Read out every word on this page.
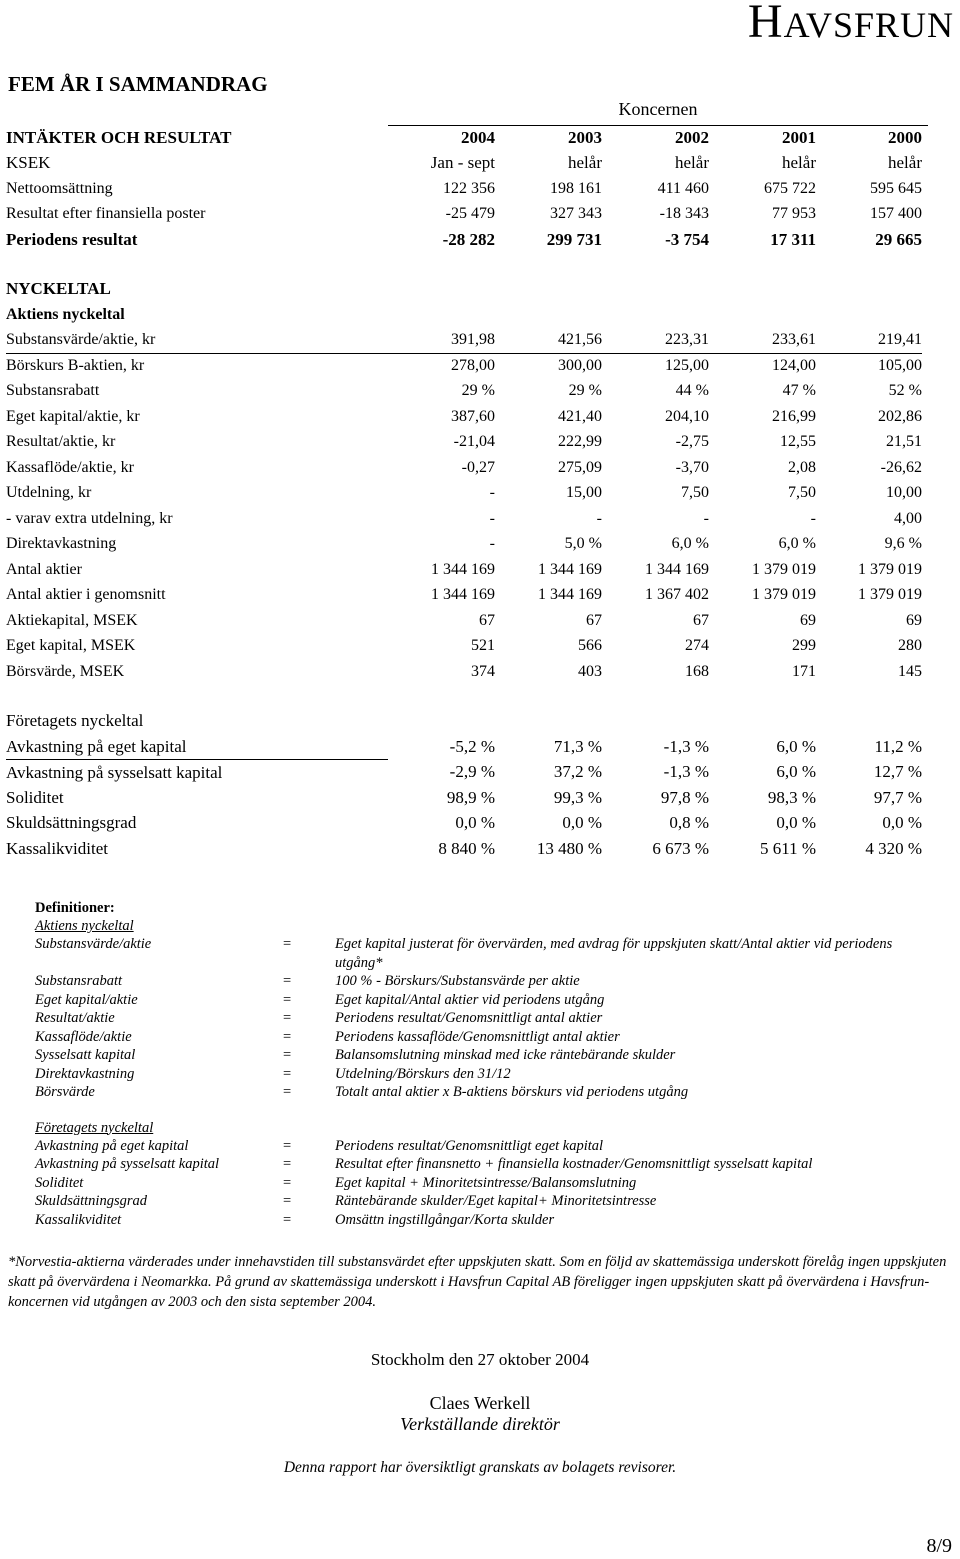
HAVSFRUN
FEM ÅR I SAMMANDRAG
Koncernen
INTÄKTER OCH RESULTAT	2004	2003	2002	2001	2000
KSEK	Jan - sept	helår	helår	helår	helår
Nettoomsättning	122 356	198 161	411 460	675 722	595 645
Resultat efter finansiella poster	-25 479	327 343	-18 343	77 953	157 400
Periodens resultat	-28 282	299 731	-3 754	17 311	29 665

NYCKELTAL					
Aktiens nyckeltal					
Substansvärde/aktie, kr	391,98	421,56	223,31	233,61	219,41
Börskurs B-aktien, kr	278,00	300,00	125,00	124,00	105,00
Substansrabatt	29 %	29 %	44 %	47 %	52 %
Eget kapital/aktie, kr	387,60	421,40	204,10	216,99	202,86
Resultat/aktie, kr	-21,04	222,99	-2,75	12,55	21,51
Kassaflöde/aktie, kr	-0,27	275,09	-3,70	2,08	-26,62
Utdelning, kr	-	15,00	7,50	7,50	10,00
- varav extra utdelning, kr	-	-	-	-	4,00
Direktavkastning	-	5,0 %	6,0 %	6,0 %	9,6 %
Antal aktier	1 344 169	1 344 169	1 344 169	1 379 019	1 379 019
Antal aktier i genomsnitt	1 344 169	1 344 169	1 367 402	1 379 019	1 379 019
Aktiekapital, MSEK	67	67	67	69	69
Eget kapital, MSEK	521	566	274	299	280
Börsvärde, MSEK	374	403	168	171	145

Företagets nyckeltal					
Avkastning på eget kapital	-5,2 %	71,3 %	-1,3 %	6,0 %	11,2 %
Avkastning på sysselsatt kapital	-2,9 %	37,2 %	-1,3 %	6,0 %	12,7 %
Soliditet	98,9 %	99,3 %	97,8 %	98,3 %	97,7 %
Skuldsättningsgrad	0,0 %	0,0 %	0,8 %	0,0 %	0,0 %
Kassalikviditet	8 840 %	13 480 %	6 673 %	5 611 %	4 320 %
Definitioner:
Aktiens nyckeltal
Substansvärde/aktie	=	Eget kapital justerat för övervärden, med avdrag för uppskjuten skatt/Antal aktier vid periodens utgång*
Substansrabatt	=	100 % - Börskurs/Substansvärde per aktie
Eget kapital/aktie	=	Eget kapital/Antal aktier vid periodens utgång
Resultat/aktie	=	Periodens resultat/Genomsnittligt antal aktier
Kassaflöde/aktie	=	Periodens kassaflöde/Genomsnittligt antal aktier
Sysselsatt kapital	=	Balansomslutning minskad med icke räntebärande skulder
Direktavkastning	=	Utdelning/Börskurs den 31/12
Börsvärde	=	Totalt antal aktier x B-aktiens börskurs vid periodens utgång
Företagets nyckeltal
Avkastning på eget kapital	=	Periodens resultat/Genomsnittligt eget kapital
Avkastning på sysselsatt kapital	=	Resultat efter finansnetto + finansiella kostnader/Genomsnittligt sysselsatt kapital
Soliditet	=	Eget kapital + Minoritetsintresse/Balansomslutning
Skuldsättningsgrad	=	Räntebärande skulder/Eget kapital+ Minoritetsintresse
Kassalikviditet	=	Omsättn ingstillgångar/Korta skulder
*Norvestia-aktierna värderades under innehavstiden till substansvärdet efter uppskjuten skatt. Som en följd av skattemässiga underskott förelåg ingen uppskjuten skatt på övervärdena i Neomarkka. På grund av skattemässiga underskott i Havsfrun Capital AB föreligger ingen uppskjuten skatt på övervärdena i Havsfrun-koncernen vid utgången av 2003 och den sista september 2004.
Stockholm den 27 oktober 2004
Claes Werkell
Verkställande direktör
Denna rapport har översiktligt granskats av bolagets revisorer.
8/9
